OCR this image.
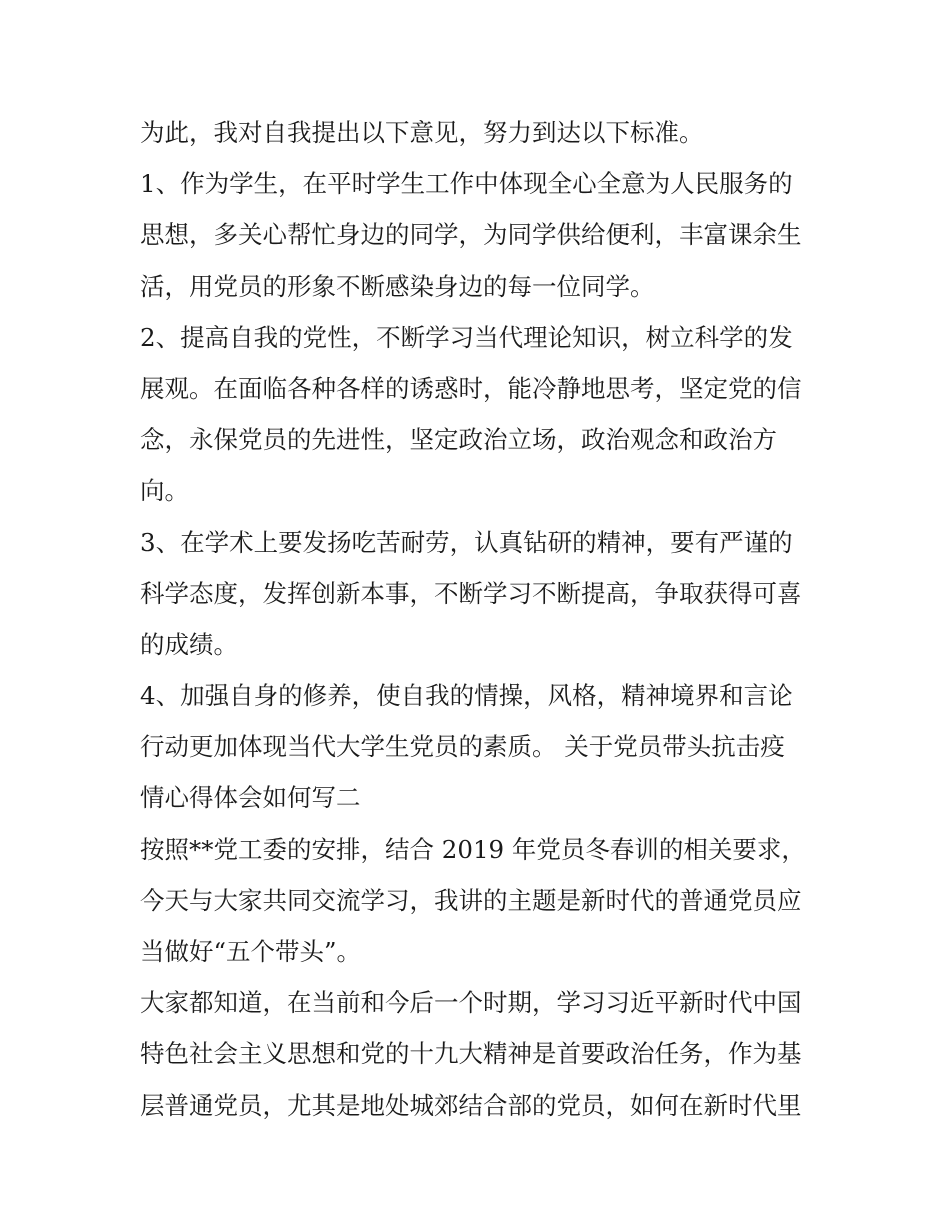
为此，我对自我提出以下意见，努力到达以下标准。
1、作为学生，在平时学生工作中体现全心全意为人民服务的
思想，多关心帮忙身边的同学，为同学供给便利，丰富课余生
活，用党员的形象不断感染身边的每一位同学。
2、提高自我的党性，不断学习当代理论知识，树立科学的发
展观。在面临各种各样的诱惑时，能冷静地思考，坚定党的信
念，永保党员的先进性，坚定政治立场，政治观念和政治方
向。
3、在学术上要发扬吃苦耐劳，认真钻研的精神，要有严谨的
科学态度，发挥创新本事，不断学习不断提高，争取获得可喜
的成绩。
4、加强自身的修养，使自我的情操，风格，精神境界和言论
行动更加体现当代大学生党员的素质。 关于党员带头抗击疫
情心得体会如何写二
按照**党工委的安排，结合 2019 年党员冬春训的相关要求，
今天与大家共同交流学习，我讲的主题是新时代的普通党员应
当做好“五个带头”。
大家都知道，在当前和今后一个时期，学习习近平新时代中国
特色社会主义思想和党的十九大精神是首要政治任务，作为基
层普通党员，尤其是地处城郊结合部的党员，如何在新时代里
